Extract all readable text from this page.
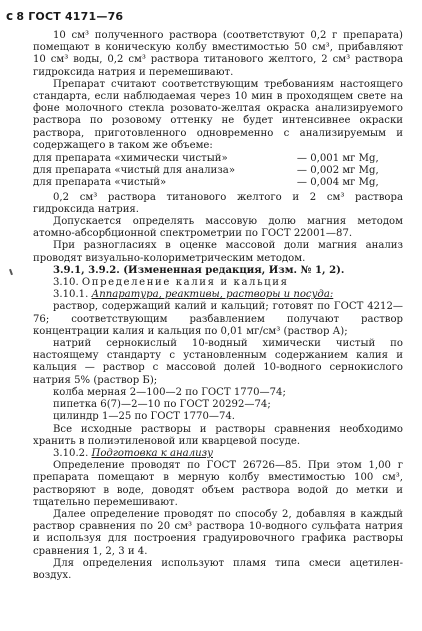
ϲ 8 ГОСТ 4171—76

10 см³ полученного раствора (соответствуют 0,2 г препарата) помещают в коническую колбу вместимостью 50 см³, прибавляют 10 см³ воды, 0,2 см³ раствора титанового желтого, 2 см³ раствора гидроксида натрия и перемешивают.

Препарат считают соответствующим требованиям настоящего стандарта, если наблюдаемая через 10 мин в проходящем свете на фоне молочного стекла розовато-желтая окраска анализируемого раствора по розовому оттенку не будет интенсивнее окраски раствора, приготовленного одновременно с анализируемым и содержащего в таком же объеме:

для препарата «химически чистый»	— 0,001 мг Mg,
для препарата «чистый для анализа»	— 0,002 мг Mg,
для препарата «чистый»	— 0,004 мг Mg,

0,2 см³ раствора титанового желтого и 2 см³ раствора гидроксида натрия.

Допускается определять массовую долю магния методом атомно-абсорбционной спектрометрии по ГОСТ 22001—87.

При разногласиях в оценке массовой доли магния анализ проводят визуально-колориметрическим методом.

3.9.1, 3.9.2. (Измененная редакция, Изм. № 1, 2).

3.10. Определение калия и кальция

3.10.1. Аппаратура, реактивы, растворы и посуда:

раствор, содержащий калий и кальций; готовят по ГОСТ 4212—76; соответствующим разбавлением получают раствор концентрации калия и кальция по 0,01 мг/см³ (раствор А);

натрий сернокислый 10-водный химически чистый по настоящему стандарту с установленным содержанием калия и кальция — раствор с массовой долей 10-водного сернокислого натрия 5% (раствор Б);

колба мерная 2—100—2 по ГОСТ 1770—74;

пипетка 6(7)—2—10 по ГОСТ 20292—74;

цилиндр 1—25 по ГОСТ 1770—74.

Все исходные растворы и растворы сравнения необходимо хранить в полиэтиленовой или кварцевой посуде.

3.10.2. Подготовка к анализу

Определение проводят по ГОСТ 26726—85. При этом 1,00 г препарата помещают в мерную колбу вместимостью 100 см³, растворяют в воде, доводят объем раствора водой до метки и тщательно перемешивают.

Далее определение проводят по способу 2, добавляя в каждый раствор сравнения по 20 см³ раствора 10-водного сульфата натрия и используя для построения градуировочного графика растворы сравнения 1, 2, 3 и 4.

Для определения используют пламя типа смеси ацетилен-воздух.
